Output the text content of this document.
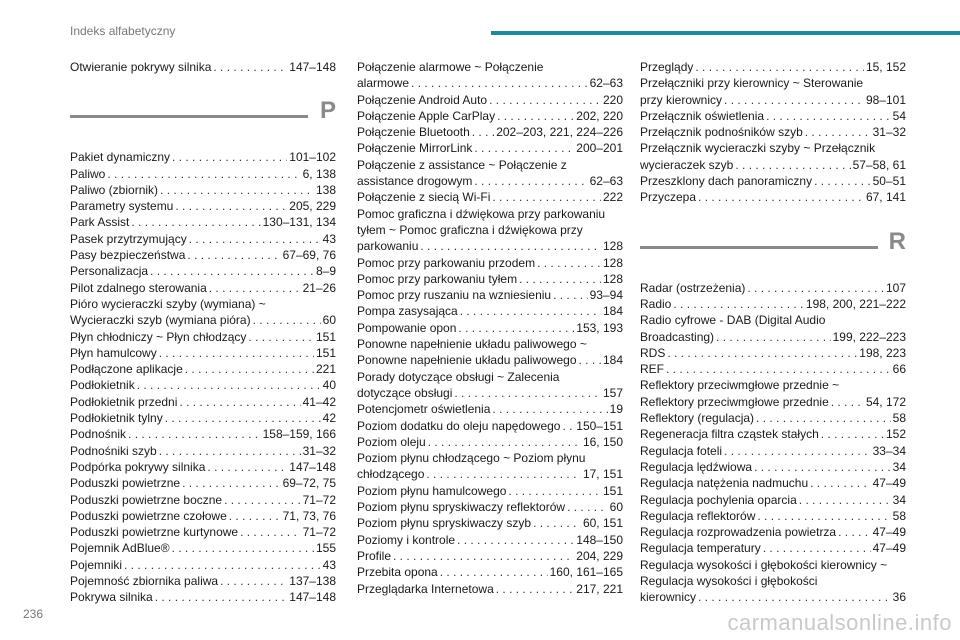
Indeks alfabetyczny
Otwieranie pokrywy silnika . . .	147–148
P
Pakiet dynamiczny . . .	101–102
Paliwo . . .	6, 138
Paliwo (zbiornik) . . .	138
Parametry systemu . . .	205, 229
Park Assist . . .	130–131, 134
Pasek przytrzymujący . . .	43
Pasy bezpieczeństwa . . .	67–69, 76
Personalizacja . . .	8–9
Pilot zdalnego sterowania . . .	21–26
Pióro wycieraczki szyby (wymiana) ~
Wycieraczki szyb (wymiana pióra) . . .	60
Płyn chłodniczy ~ Płyn chłodzący . . .	151
Płyn hamulcowy . . .	151
Podłączone aplikacje . . .	221
Podłokietnik . . .	40
Podłokietnik przedni . . .	41–42
Podłokietnik tylny . . .	42
Podnośnik . . .	158–159, 166
Podnośniki szyb . . .	31–32
Podpórka pokrywy silnika . . .	147–148
Poduszki powietrzne . . .	69–72, 75
Poduszki powietrzne boczne . . .	71–72
Poduszki powietrzne czołowe . . .	71, 73, 76
Poduszki powietrzne kurtynowe . . .	71–72
Pojemnik AdBlue® . . .	155
Pojemniki . . .	43
Pojemność zbiornika paliwa . . .	137–138
Pokrywa silnika . . .	147–148
Połączenie alarmowe ~ Połączenie
alarmowe . . .	62–63
Połączenie Android Auto . . .	220
Połączenie Apple CarPlay . . .	202, 220
Połączenie Bluetooth . . . 202–203, 221, 224–226
Połączenie MirrorLink . . .	200–201
Połączenie z assistance ~ Połączenie z
assistance drogowym . . .	62–63
Połączenie z siecią Wi-Fi . . .	222
Pomoc graficzna i dźwiękowa przy parkowaniu
tyłem ~ Pomoc graficzna i dźwiękowa przy
parkowaniu . . .	128
Pomoc przy parkowaniu przodem . . .	128
Pomoc przy parkowaniu tyłem . . .	128
Pomoc przy ruszaniu na wzniesieniu . . .	93–94
Pompa zasysająca . . .	184
Pompowanie opon . . .	153, 193
Ponowne napełnienie układu paliwowego ~
Ponowne napełnienie układu paliwowego . . . 184
Porady dotyczące obsługi ~ Zalecenia
dotyczące obsługi . . .	157
Potencjometr oświetlenia . . .	19
Poziom dodatku do oleju napędowego . . . 150–151
Poziom oleju . . .	16, 150
Poziom płynu chłodzącego ~ Poziom płynu
chłodzącego . . .	17, 151
Poziom płynu hamulcowego . . .	151
Poziom płynu spryskiwaczy reflektorów . . .	60
Poziom płynu spryskiwaczy szyb . . .	60, 151
Poziomy i kontrole . . .	148–150
Profile . . .	204, 229
Przebita opona . . .	160, 161–165
Przeglądarka Internetowa . . .	217, 221
Przeglądy . . .	15, 152
Przełączniki przy kierownicy ~ Sterowanie
przy kierownicy . . .	98–101
Przełącznik oświetlenia . . .	54
Przełącznik podnośników szyb . . .	31–32
Przełącznik wycieraczki szyby ~ Przełącznik
wycieraczek szyb . . .	57–58, 61
Przeszklony dach panoramiczny . . .	50–51
Przyczepa . . .	67, 141
R
Radar (ostrzeżenia) . . .	107
Radio . . .	198, 200, 221–222
Radio cyfrowe - DAB (Digital Audio
Broadcasting) . . .	199, 222–223
RDS . . .	198, 223
REF . . .	66
Reflektory przeciwmgłowe przednie ~
Reflektory przeciwmgłowe przednie . . .	54, 172
Reflektory (regulacja) . . .	58
Regeneracja filtra cząstek stałych . . .	152
Regulacja foteli . . .	33–34
Regulacja lędźwiowa . . .	34
Regulacja natężenia nadmuchu . . .	47–49
Regulacja pochylenia oparcia . . .	34
Regulacja reflektorów . . .	58
Regulacja rozprowadzenia powietrza . . .	47–49
Regulacja temperatury . . .	47–49
Regulacja wysokości i głębokości kierownicy ~
Regulacja wysokości i głębokości
kierownicy . . .	36
236	carmanualsonline.info
